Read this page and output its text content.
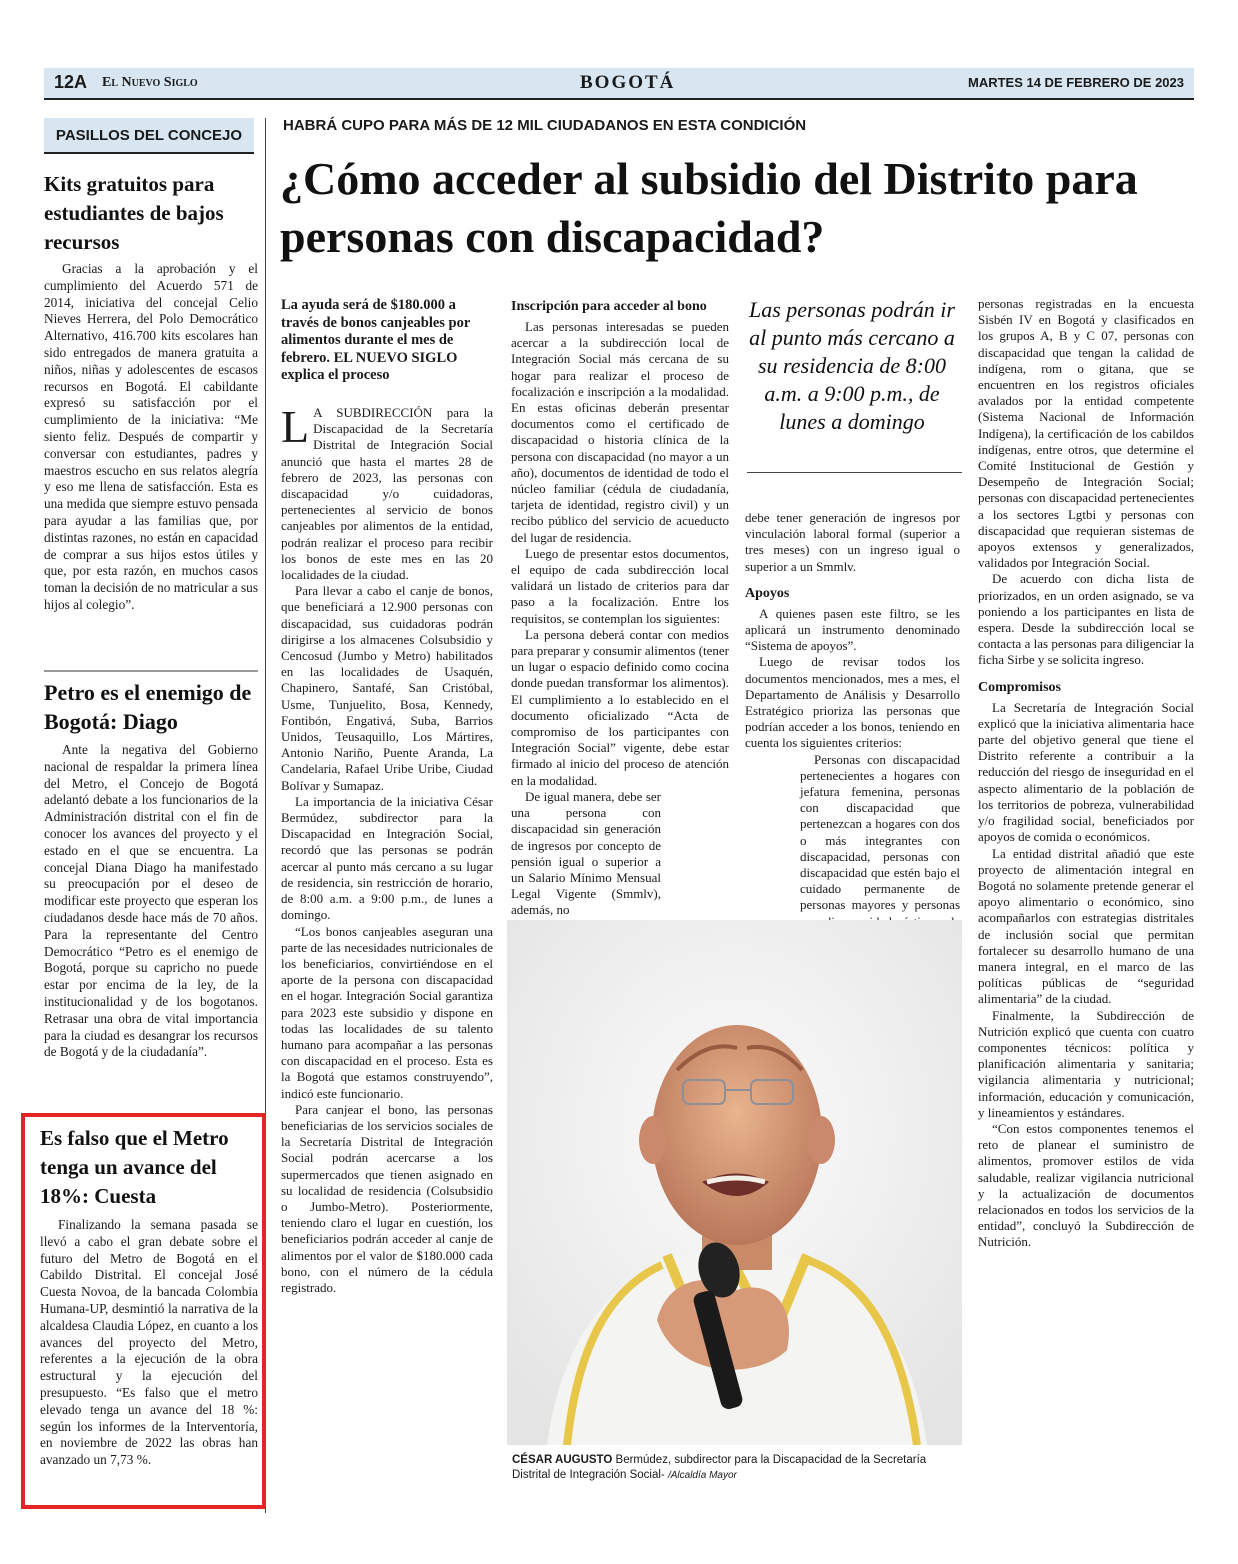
12A El Nuevo Siglo	BOGOTÁ	MARTES 14 DE FEBRERO DE 2023
PASILLOS DEL CONCEJO
Kits gratuitos para estudiantes de bajos recursos

Gracias a la aprobación y el cumplimiento del Acuerdo 571 de 2014, iniciativa del concejal Celio Nieves Herrera, del Polo Democrático Alternativo, 416.700 kits escolares han sido entregados de manera gratuita a niños, niñas y adolescentes de escasos recursos en Bogotá. El cabildante expresó su satisfacción por el cumplimiento de la iniciativa: “Me siento feliz. Después de compartir y conversar con estudiantes, padres y maestros escucho en sus relatos alegría y eso me llena de satisfacción. Esta es una medida que siempre estuvo pensada para ayudar a las familias que, por distintas razones, no están en capacidad de comprar a sus hijos estos útiles y que, por esta razón, en muchos casos toman la decisión de no matricular a sus hijos al colegio”.

Petro es el enemigo de Bogotá: Diago

Ante la negativa del Gobierno nacional de respaldar la primera línea del Metro, el Concejo de Bogotá adelantó debate a los funcionarios de la Administración distrital con el fin de conocer los avances del proyecto y el estado en el que se encuentra. La concejal Diana Diago ha manifestado su preocupación por el deseo de modificar este proyecto que esperan los ciudadanos desde hace más de 70 años. Para la representante del Centro Democrático “Petro es el enemigo de Bogotá, porque su capricho no puede estar por encima de la ley, de la institucionalidad y de los bogotanos. Retrasar una obra de vital importancia para la ciudad es desangrar los recursos de Bogotá y de la ciudadanía”.

Es falso que el Metro tenga un avance del 18%: Cuesta

Finalizando la semana pasada se llevó a cabo el gran debate sobre el futuro del Metro de Bogotá en el Cabildo Distrital. El concejal José Cuesta Novoa, de la bancada Colombia Humana-UP, desmintió la narrativa de la alcaldesa Claudia López, en cuanto a los avances del proyecto del Metro, referentes a la ejecución de la obra estructural y la ejecución del presupuesto. “Es falso que el metro elevado tenga un avance del 18 %: según los informes de la Interventoría, en noviembre de 2022 las obras han avanzado un 7,73 %.

HABRÁ CUPO PARA MÁS DE 12 MIL CIUDADANOS EN ESTA CONDICIÓN
¿Cómo acceder al subsidio del Distrito para personas con discapacidad?
La ayuda será de $180.000 a través de bonos canjeables por alimentos durante el mes de febrero. EL NUEVO SIGLO explica el proceso

L A SUBDIRECCIÓN para la Discapacidad de la Secretaría Distrital de Integración Social anunció que hasta el martes 28 de febrero de 2023, las personas con discapacidad y/o cuidadoras, pertenecientes al servicio de bonos canjeables por alimentos de la entidad, podrán realizar el proceso para recibir los bonos de este mes en las 20 localidades de la ciudad.

Para llevar a cabo el canje de bonos, que beneficiará a 12.900 personas con discapacidad, sus cuidadoras podrán dirigirse a los almacenes Colsubsidio y Cencosud (Jumbo y Metro) habilitados en las localidades de Usaquén, Chapinero, Santafé, San Cristóbal, Usme, Tunjuelito, Bosa, Kennedy, Fontibón, Engativá, Suba, Barrios Unidos, Teusaquillo, Los Mártires, Antonio Nariño, Puente Aranda, La Candelaria, Rafael Uribe Uribe, Ciudad Bolívar y Sumapaz.

La importancia de la iniciativa César Bermúdez, subdirector para la Discapacidad en Integración Social, recordó que las personas se podrán acercar al punto más cercano a su lugar de residencia, sin restricción de horario, de 8:00 a.m. a 9:00 p.m., de lunes a domingo.

“Los bonos canjeables aseguran una parte de las necesidades nutricionales de los beneficiarios, convirtiéndose en el aporte de la persona con discapacidad en el hogar. Integración Social garantiza para 2023 este subsidio y dispone en todas las localidades de su talento humano para acompañar a las personas con discapacidad en el proceso. Esta es la Bogotá que estamos construyendo”, indicó este funcionario.

Para canjear el bono, las personas beneficiarias de los servicios sociales de la Secretaría Distrital de Integración Social podrán acercarse a los supermercados que tienen asignado en su localidad de residencia (Colsubsidio o Jumbo-Metro). Posteriormente, teniendo claro el lugar en cuestión, los beneficiarios podrán acceder al canje de alimentos por el valor de $180.000 cada bono, con el número de la cédula registrado.

Inscripción para acceder al bono

Las personas interesadas se pueden acercar a la subdirección local de Integración Social más cercana de su hogar para realizar el proceso de focalización e inscripción a la modalidad. En estas oficinas deberán presentar documentos como el certificado de discapacidad o historia clínica de la persona con discapacidad (no mayor a un año), documentos de identidad de todo el núcleo familiar (cédula de ciudadanía, tarjeta de identidad, registro civil) y un recibo público del servicio de acueducto del lugar de residencia.

Luego de presentar estos documentos, el equipo de cada subdirección local validará un listado de criterios para dar paso a la focalización. Entre los requisitos, se contemplan los siguientes:

La persona deberá contar con medios para preparar y consumir alimentos (tener un lugar o espacio definido como cocina donde puedan transformar los alimentos). El cumplimiento a lo establecido en el documento oficializado “Acta de compromiso de los participantes con Integración Social” vigente, debe estar firmado al inicio del proceso de atención en la modalidad.

De igual manera, debe ser una persona con discapacidad sin generación de ingresos por concepto de pensión igual o superior a un Salario Mínimo Mensual Legal Vigente (Smmlv), además, no

Las personas podrán ir al punto más cercano a su residencia de 8:00 a.m. a 9:00 p.m., de lunes a domingo

debe tener generación de ingresos por vinculación laboral formal (superior a tres meses) con un ingreso igual o superior a un Smmlv.

Apoyos

A quienes pasen este filtro, se les aplicará un instrumento denominado “Sistema de apoyos”.

Luego de revisar todos los documentos mencionados, mes a mes, el Departamento de Análisis y Desarrollo Estratégico prioriza las personas que podrían acceder a los bonos, teniendo en cuenta los siguientes criterios:

Personas con discapacidad pertenecientes a hogares con jefatura femenina, personas con discapacidad que pertenezcan a hogares con dos o más integrantes con discapacidad, personas con discapacidad que estén bajo el cuidado permanente de personas mayores y personas

personas registradas en la encuesta Sisbén IV en Bogotá y clasificados en los grupos A, B y C 07, personas con discapacidad que tengan la calidad de indígena, rom o gitana, que se encuentren en los registros oficiales avalados por la entidad competente (Sistema Nacional de Información Indígena), la certificación de los cabildos indígenas, entre otros, que determine el Comité Institucional de Gestión y Desempeño de Integración Social; personas con discapacidad pertenecientes a los sectores Lgtbi y personas con discapacidad que requieran sistemas de apoyos extensos y generalizados, validados por Integración Social.

De acuerdo con dicha lista de priorizados, en un orden asignado, se va poniendo a los participantes en lista de espera. Desde la subdirección local se contacta a las personas para diligenciar la ficha Sirbe y se solicita ingreso.

Compromisos

La Secretaría de Integración Social explicó que la iniciativa alimentaria hace parte del objetivo general que tiene el Distrito referente a contribuir a la reducción del riesgo de inseguridad en el aspecto alimentario de la población de los territorios de pobreza, vulnerabilidad y/o fragilidad social, beneficiados por apoyos de comida o económicos.

La entidad distrital añadió que este proyecto de alimentación integral en Bogotá no solamente pretende generar el apoyo alimentario o económico, sino acompañarlos con estrategias distritales de inclusión social que permitan fortalecer su desarrollo humano de una manera integral, en el marco de las políticas públicas de “seguridad alimentaria” de la ciudad.

Finalmente, la Subdirección de Nutrición explicó que cuenta con cuatro componentes técnicos: política y planificación alimentaria y sanitaria; vigilancia alimentaria y nutricional; información, educación y comunicación, y lineamientos y estándares.

“Con estos componentes tenemos el reto de planear el suministro de alimentos, promover estilos de vida saludable, realizar vigilancia nutricional y la actualización de documentos relacionados en todos los servicios de la entidad”, concluyó la Subdirección de Nutrición.

CÉSAR AUGUSTO Bermúdez, subdirector para la Discapacidad de la Secretaría Distrital de Integración Social- /Alcaldía Mayor
